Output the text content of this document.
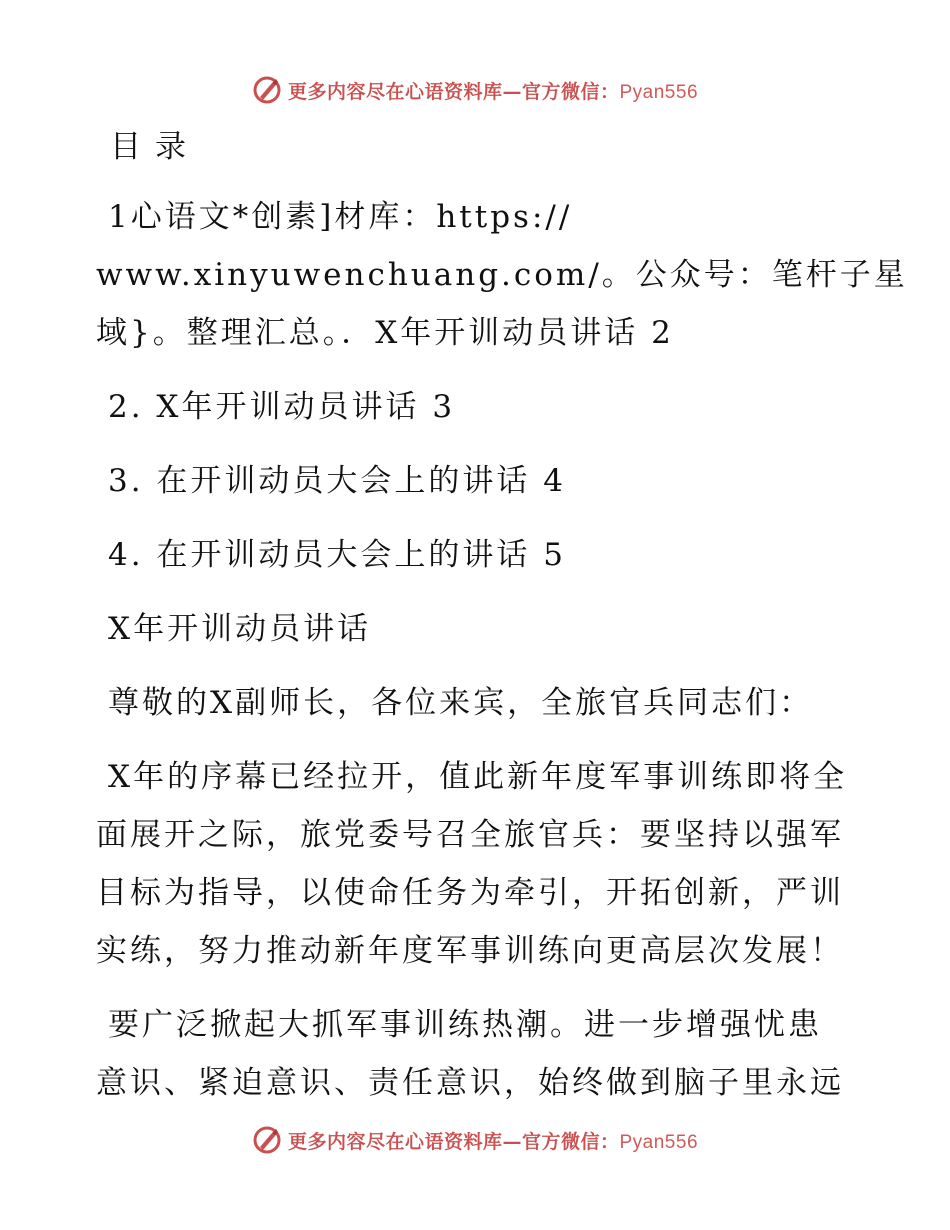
更多内容尽在心语资料库—官方微信：Pyan556
目录
1心语文*创素]材库：https://
www.xinyuwenchuang.com/。公众号：笔杆子星
域}。整理汇总。．X年开训动员讲话 2
2. X年开训动员讲话 3
3. 在开训动员大会上的讲话 4
4. 在开训动员大会上的讲话 5
X年开训动员讲话
尊敬的X副师长，各位来宾，全旅官兵同志们：
X年的序幕已经拉开，值此新年度军事训练即将全
面展开之际，旅党委号召全旅官兵：要坚持以强军
目标为指导，以使命任务为牵引，开拓创新，严训
实练，努力推动新年度军事训练向更高层次发展！
要广泛掀起大抓军事训练热潮。进一步增强忧患
意识、紧迫意识、责任意识，始终做到脑子里永远
更多内容尽在心语资料库—官方微信：Pyan556
